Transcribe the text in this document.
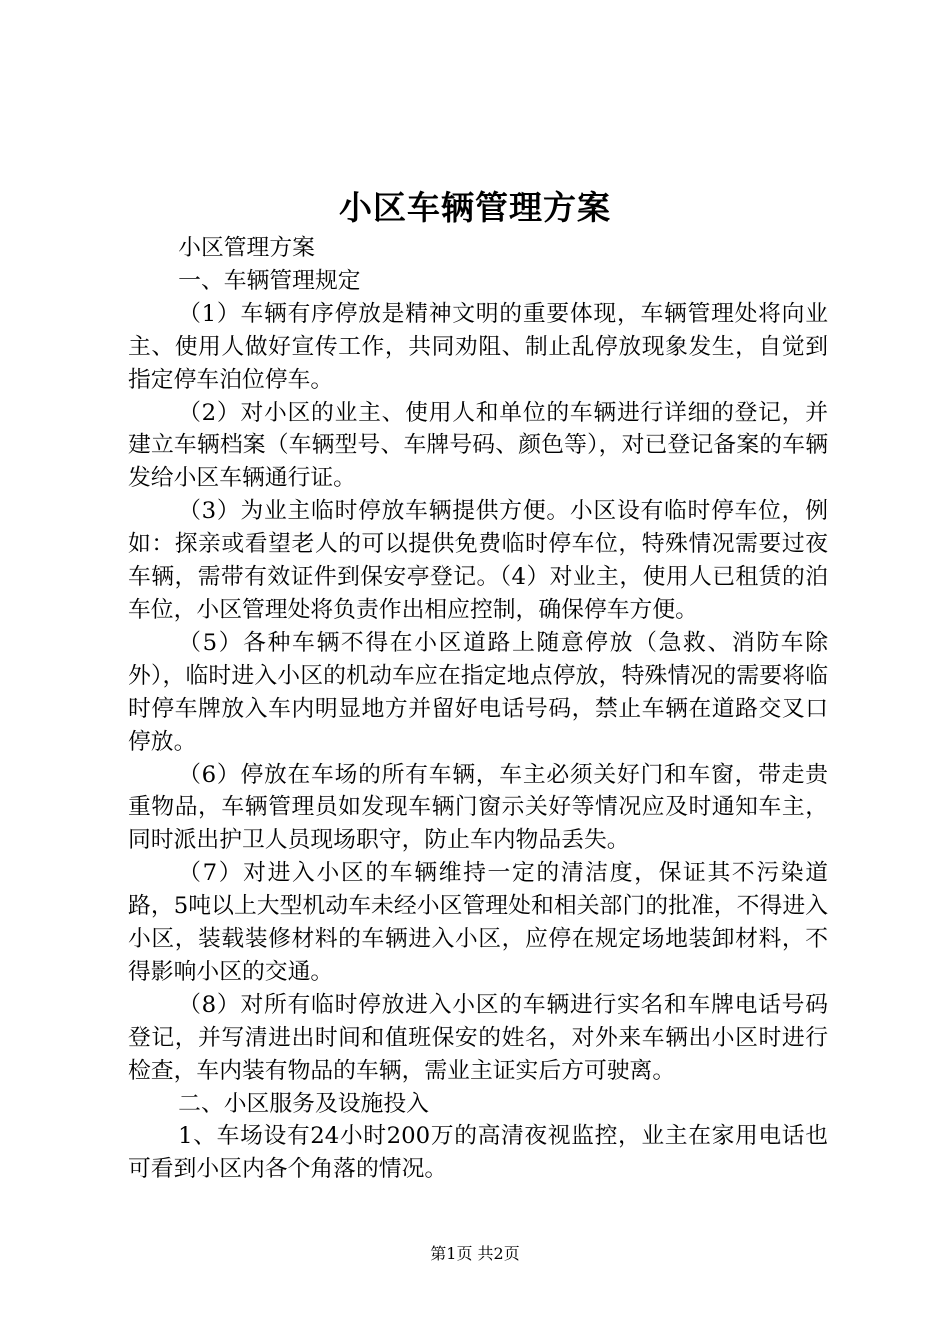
小区车辆管理方案

小区管理方案

一、车辆管理规定

（1）车辆有序停放是精神文明的重要体现，车辆管理处将向业主、使用人做好宣传工作，共同劝阻、制止乱停放现象发生，自觉到指定停车泊位停车。

（2）对小区的业主、使用人和单位的车辆进行详细的登记，并建立车辆档案（车辆型号、车牌号码、颜色等），对已登记备案的车辆发给小区车辆通行证。

（3）为业主临时停放车辆提供方便。小区设有临时停车位，例如：探亲或看望老人的可以提供免费临时停车位，特殊情况需要过夜车辆，需带有效证件到保安亭登记。（4）对业主，使用人已租赁的泊车位，小区管理处将负责作出相应控制，确保停车方便。

（5）各种车辆不得在小区道路上随意停放（急救、消防车除外），临时进入小区的机动车应在指定地点停放，特殊情况的需要将临时停车牌放入车内明显地方并留好电话号码，禁止车辆在道路交叉口停放。

（6）停放在车场的所有车辆，车主必须关好门和车窗，带走贵重物品，车辆管理员如发现车辆门窗示关好等情况应及时通知车主，同时派出护卫人员现场职守，防止车内物品丢失。

（7）对进入小区的车辆维持一定的清洁度，保证其不污染道路，5吨以上大型机动车未经小区管理处和相关部门的批准，不得进入小区，装载装修材料的车辆进入小区，应停在规定场地装卸材料，不得影响小区的交通。

（8）对所有临时停放进入小区的车辆进行实名和车牌电话号码登记，并写清进出时间和值班保安的姓名，对外来车辆出小区时进行检查，车内装有物品的车辆，需业主证实后方可驶离。

二、小区服务及设施投入

1、车场设有24小时200万的高清夜视监控，业主在家用电话也可看到小区内各个角落的情况。

第1页 共2页
